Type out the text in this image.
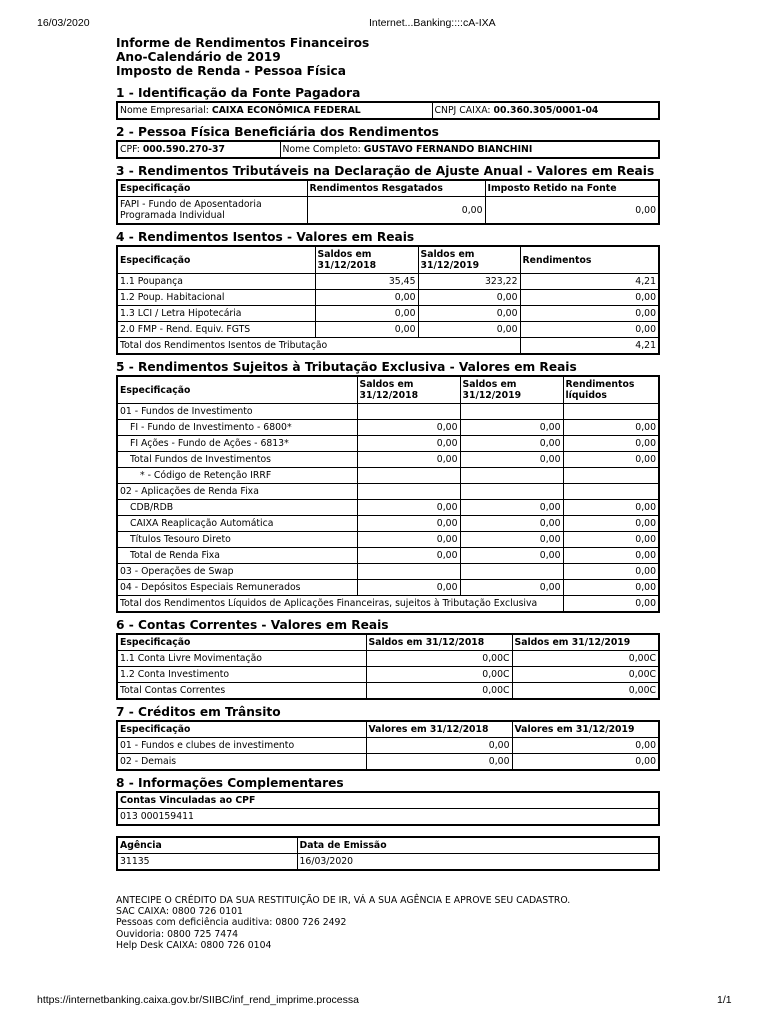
16/03/2020	Internet...Banking::::cA-IXA
Informe de Rendimentos Financeiros
Ano-Calendário de 2019
Imposto de Renda - Pessoa Física
1 - Identificação da Fonte Pagadora
Nome Empresarial: CAIXA ECONÔMICA FEDERAL	CNPJ CAIXA: 00.360.305/0001-04
2 - Pessoa Física Beneficiária dos Rendimentos
CPF: 000.590.270-37	Nome Completo: GUSTAVO FERNANDO BIANCHINI
3 - Rendimentos Tributáveis na Declaração de Ajuste Anual - Valores em Reais
Especificação	Rendimentos Resgatados	Imposto Retido na Fonte
FAPI - Fundo de Aposentadoria Programada Individual	0,00	0,00
4 - Rendimentos Isentos - Valores em Reais
Especificação	Saldos em 31/12/2018	Saldos em 31/12/2019	Rendimentos
1.1 Poupança	35,45	323,22	4,21
1.2 Poup. Habitacional	0,00	0,00	0,00
1.3 LCI / Letra Hipotecária	0,00	0,00	0,00
2.0 FMP - Rend. Equiv. FGTS	0,00	0,00	0,00
Total dos Rendimentos Isentos de Tributação			4,21
5 - Rendimentos Sujeitos à Tributação Exclusiva - Valores em Reais
Especificação	Saldos em 31/12/2018	Saldos em 31/12/2019	Rendimentos líquidos
01 - Fundos de Investimento			
FI - Fundo de Investimento - 6800*	0,00	0,00	0,00
FI Ações - Fundo de Ações - 6813*	0,00	0,00	0,00
Total Fundos de Investimentos	0,00	0,00	0,00
* - Código de Retenção IRRF			
02 - Aplicações de Renda Fixa			
CDB/RDB	0,00	0,00	0,00
CAIXA Reaplicação Automática	0,00	0,00	0,00
Títulos Tesouro Direto	0,00	0,00	0,00
Total de Renda Fixa	0,00	0,00	0,00
03 - Operações de Swap			0,00
04 - Depósitos Especiais Remunerados	0,00	0,00	0,00
Total dos Rendimentos Líquidos de Aplicações Financeiras, sujeitos à Tributação Exclusiva			0,00
6 - Contas Correntes - Valores em Reais
Especificação	Saldos em 31/12/2018	Saldos em 31/12/2019
1.1 Conta Livre Movimentação	0,00C	0,00C
1.2 Conta Investimento	0,00C	0,00C
Total Contas Correntes	0,00C	0,00C
7 - Créditos em Trânsito
Especificação	Valores em 31/12/2018	Valores em 31/12/2019
01 - Fundos e clubes de investimento	0,00	0,00
02 - Demais	0,00	0,00
8 - Informações Complementares
Contas Vinculadas ao CPF
013 000159411
Agência	Data de Emissão
31135	16/03/2020
ANTECIPE O CRÉDITO DA SUA RESTITUIÇÃO DE IR, VÁ A SUA AGÊNCIA E APROVE SEU CADASTRO.
SAC CAIXA: 0800 726 0101
Pessoas com deficiência auditiva: 0800 726 2492
Ouvidoria: 0800 725 7474
Help Desk CAIXA: 0800 726 0104
https://internetbanking.caixa.gov.br/SIIBC/inf_rend_imprime.processa	1/1
